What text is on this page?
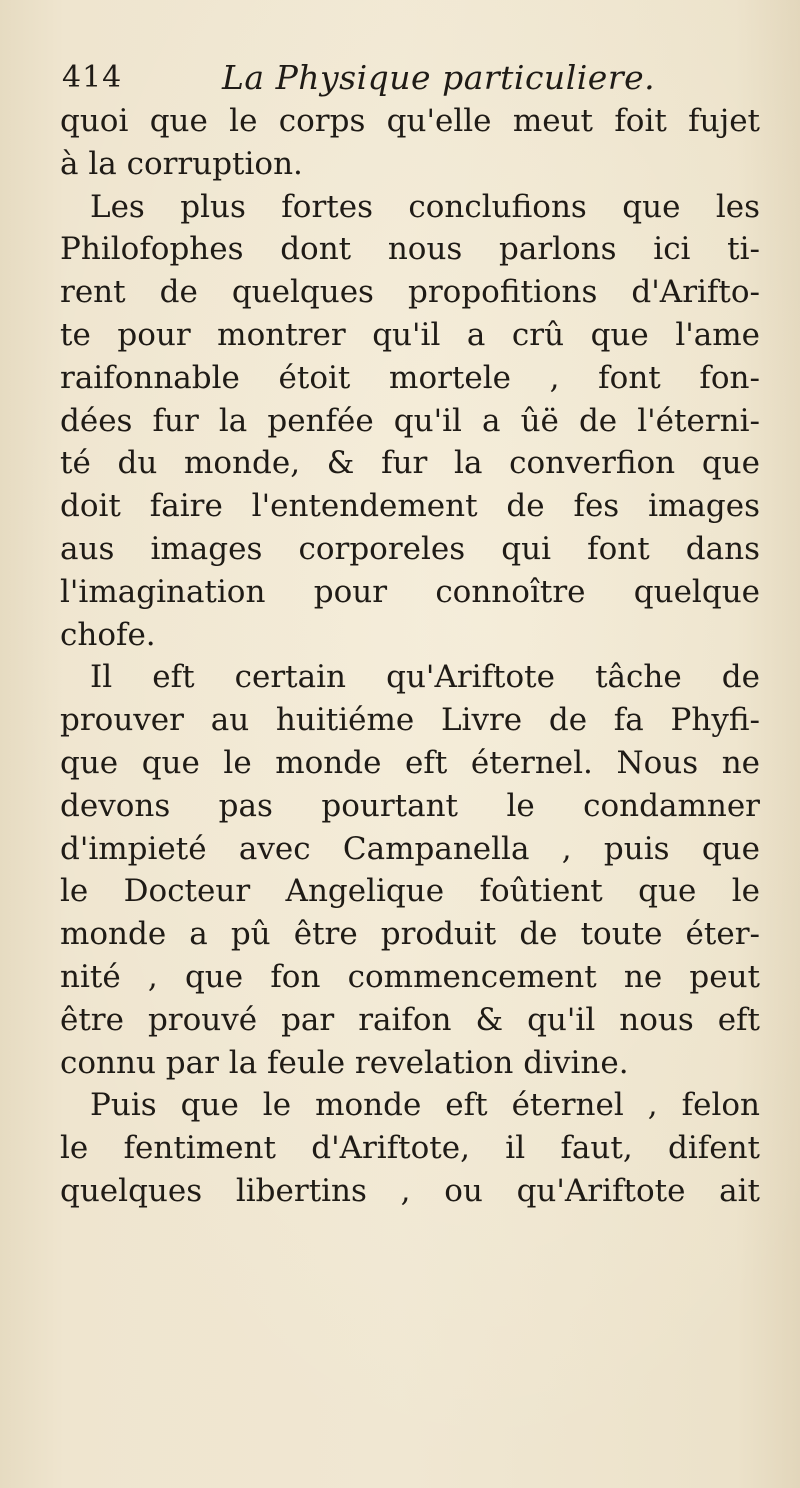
414	La Physique particuliere.
quoi que le corps qu'elle meut foit fujet
à la corruption.
Les plus fortes conclufions que les
Philofophes dont nous parlons ici ti-
rent de quelques propofitions d'Arifto-
te pour montrer qu'il a crû que l'ame
raifonnable étoit mortele , font fon-
dées fur la penfée qu'il a ûë de l'éterni-
té du monde, & fur la converfion que
doit faire l'entendement de fes images
aus images corporeles qui font dans
l'imagination pour connoître quelque
chofe.
Il eft certain qu'Ariftote tâche de
prouver au huitiéme Livre de fa Phyfi-
que que le monde eft éternel. Nous ne
devons pas pourtant le condamner
d'impieté avec Campanella , puis que
le Docteur Angelique foûtient que le
monde a pû être produit de toute éter-
nité , que fon commencement ne peut
être prouvé par raifon & qu'il nous eft
connu par la feule revelation divine.
Puis que le monde eft éternel , felon
le fentiment d'Ariftote, il faut, difent
quelques libertins , ou qu'Ariftote ait
